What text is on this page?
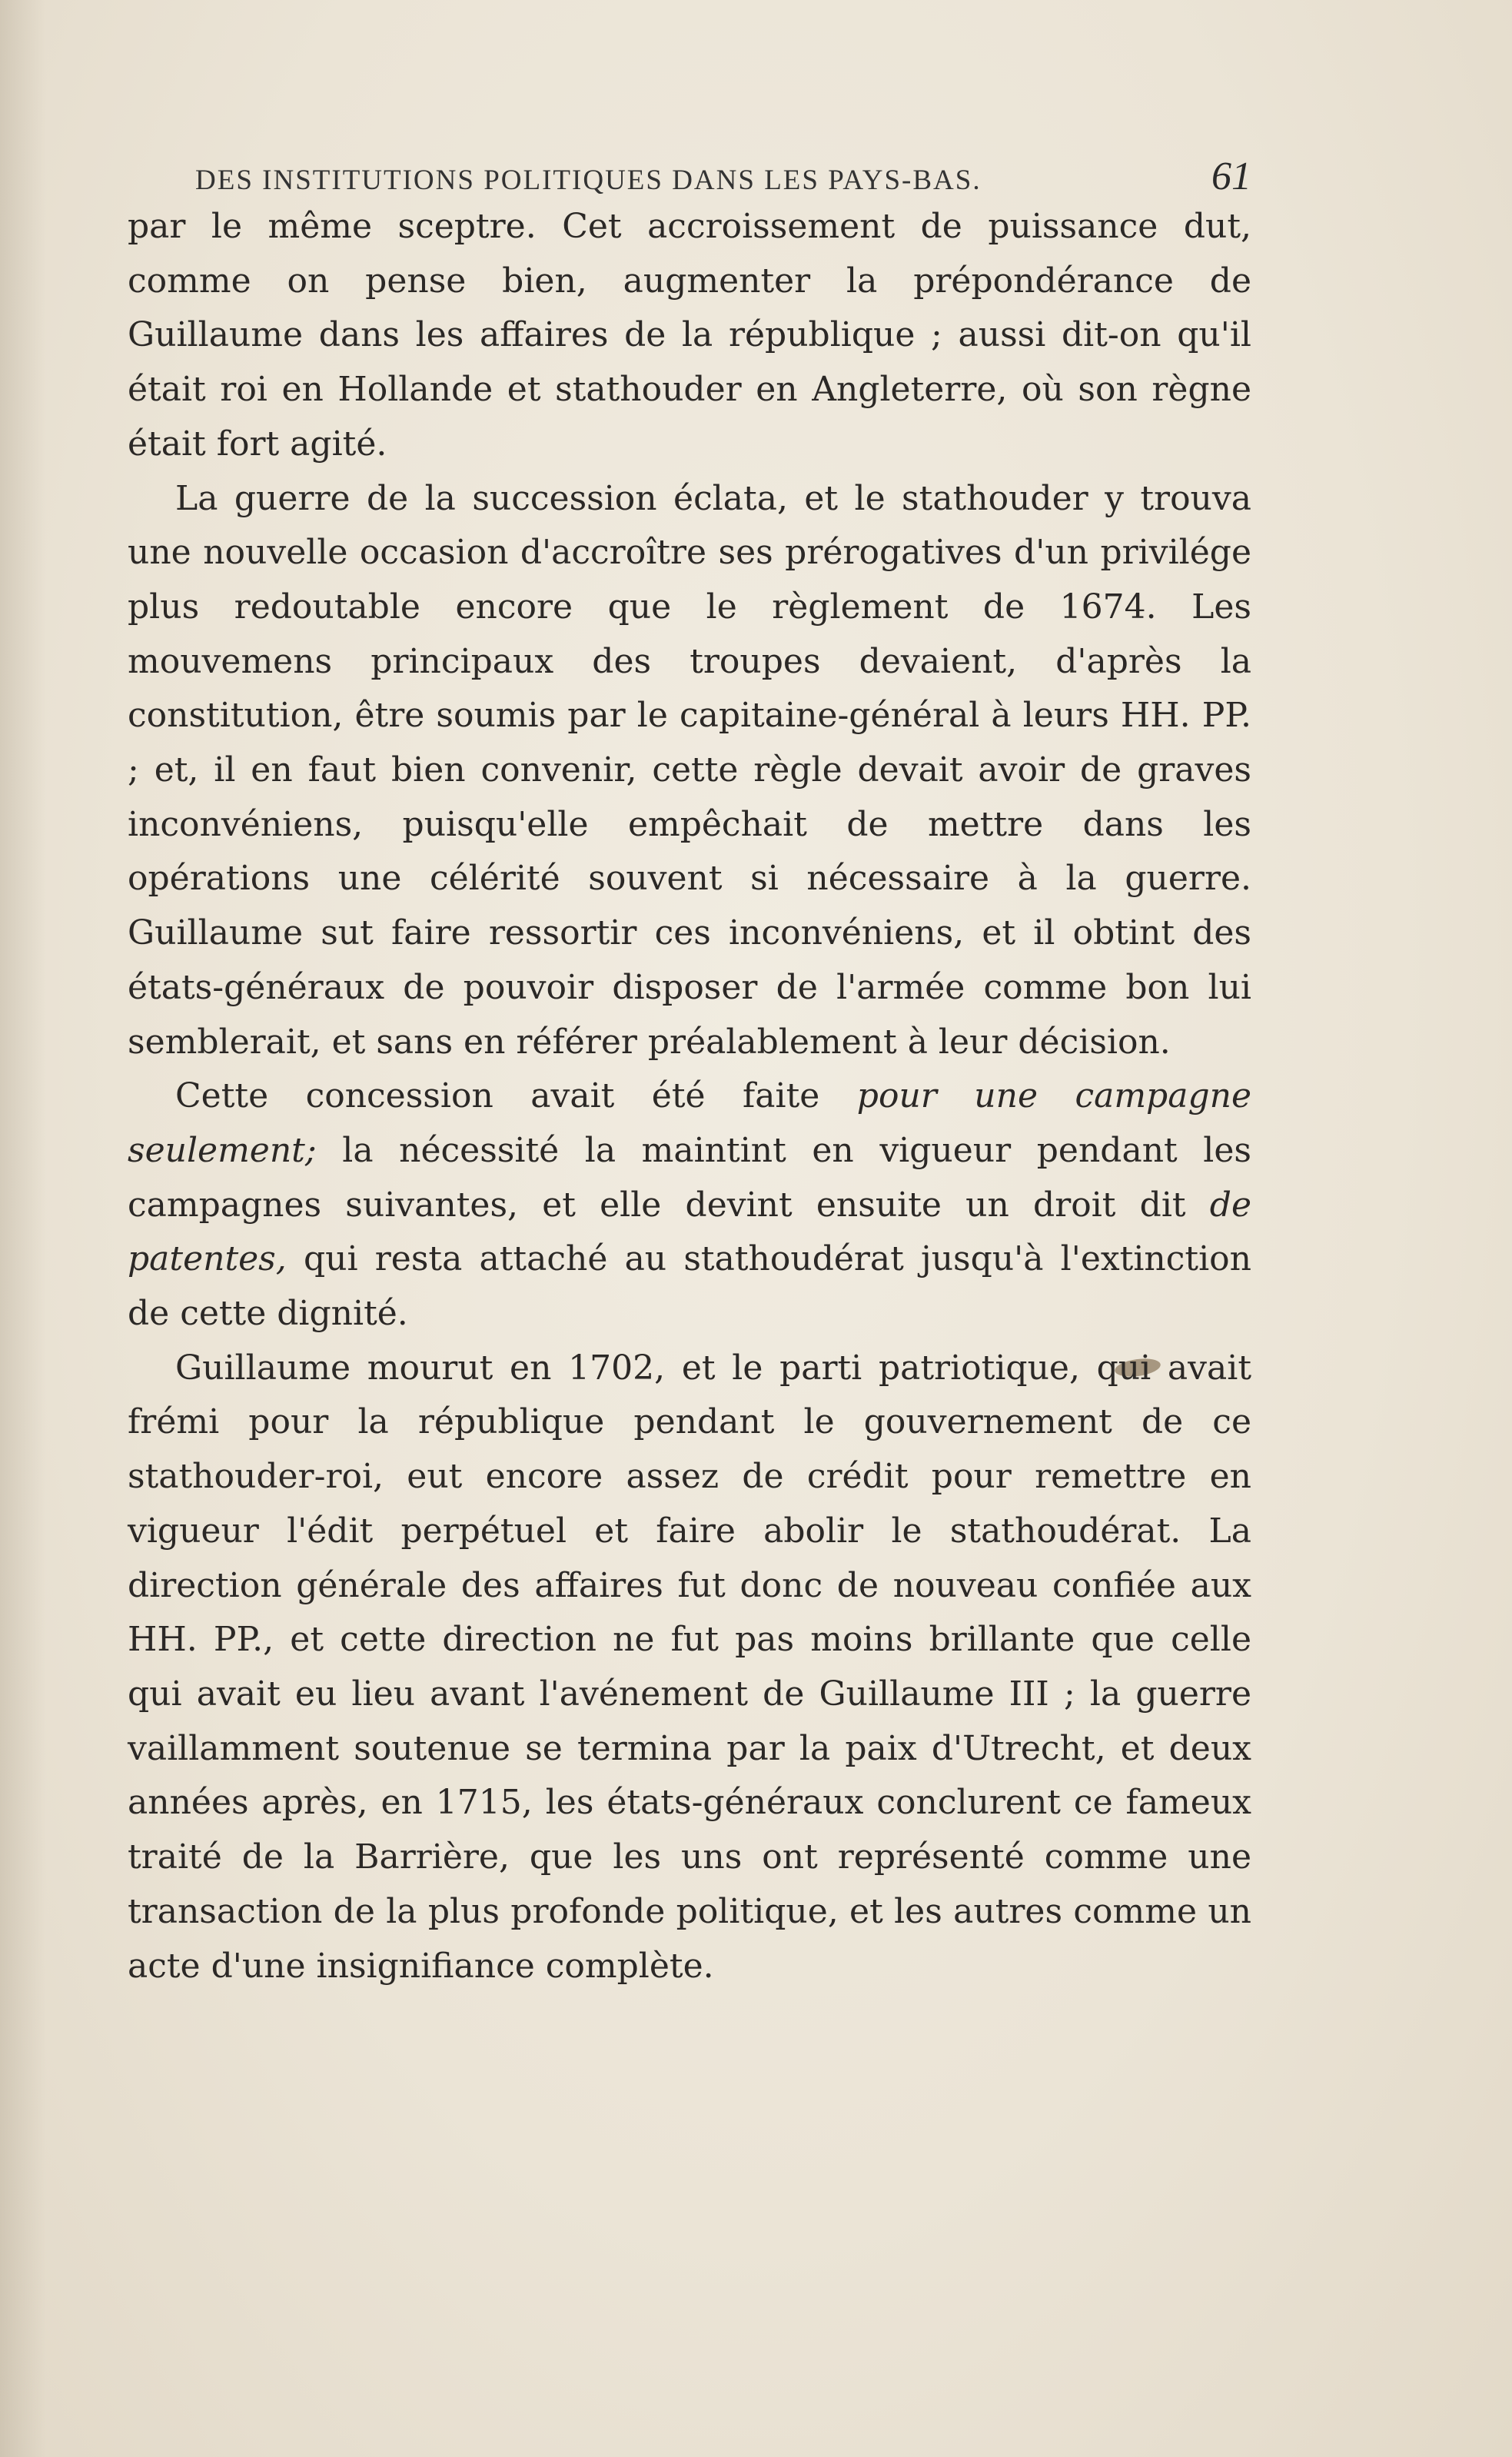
DES INSTITUTIONS POLITIQUES DANS LES PAYS-BAS.	61

par le même sceptre. Cet accroissement de puissance dut, comme on pense bien, augmenter la prépondérance de Guillaume dans les affaires de la république ; aussi dit-on qu'il était roi en Hollande et stathouder en Angleterre, où son règne était fort agité.

La guerre de la succession éclata, et le stathouder y trouva une nouvelle occasion d'accroître ses prérogatives d'un privilége plus redoutable encore que le règlement de 1674. Les mouvemens principaux des troupes devaient, d'après la constitution, être soumis par le capitaine-général à leurs HH. PP. ; et, il en faut bien convenir, cette règle devait avoir de graves inconvéniens, puisqu'elle empêchait de mettre dans les opérations une célérité souvent si nécessaire à la guerre. Guillaume sut faire ressortir ces inconvéniens, et il obtint des états-généraux de pouvoir disposer de l'armée comme bon lui semblerait, et sans en référer préalablement à leur décision.

Cette concession avait été faite pour une campagne seulement; la nécessité la maintint en vigueur pendant les campagnes suivantes, et elle devint ensuite un droit dit de patentes, qui resta attaché au stathoudérat jusqu'à l'extinction de cette dignité.

Guillaume mourut en 1702, et le parti patriotique, qui avait frémi pour la république pendant le gouvernement de ce stathouder-roi, eut encore assez de crédit pour remettre en vigueur l'édit perpétuel et faire abolir le stathoudérat. La direction générale des affaires fut donc de nouveau confiée aux HH. PP., et cette direction ne fut pas moins brillante que celle qui avait eu lieu avant l'avénement de Guillaume III ; la guerre vaillamment soutenue se termina par la paix d'Utrecht, et deux années après, en 1715, les états-généraux conclurent ce fameux traité de la Barrière, que les uns ont représenté comme une transaction de la plus profonde politique, et les autres comme un acte d'une insignifiance complète.
